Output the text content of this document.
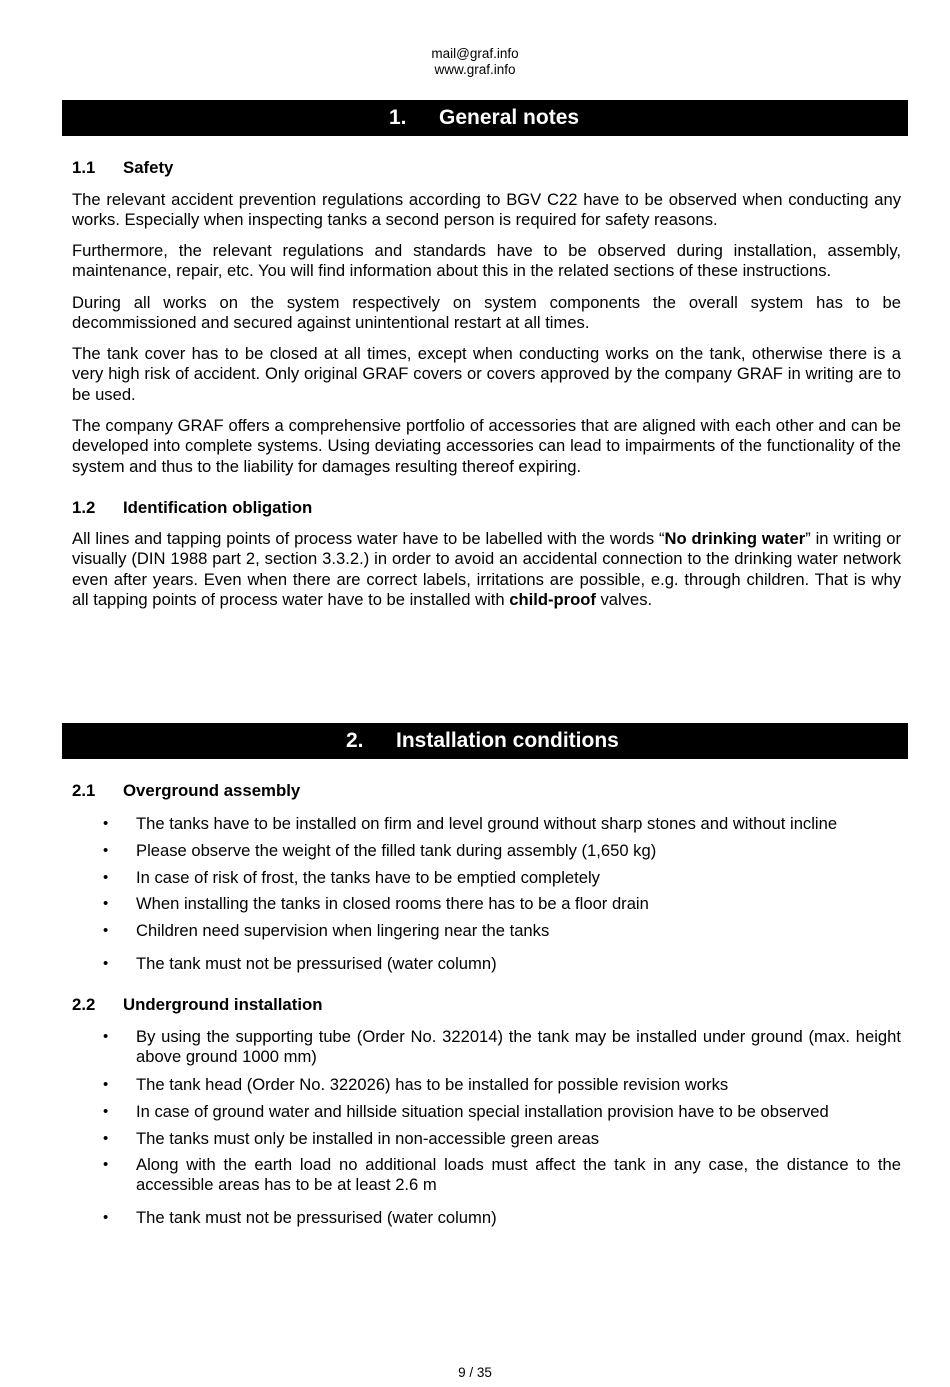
mail@graf.info
www.graf.info
1. General notes
1.1 Safety
The relevant accident prevention regulations according to BGV C22 have to be observed when conducting any works. Especially when inspecting tanks a second person is required for safety reasons.
Furthermore, the relevant regulations and standards have to be observed during installation, assembly, maintenance, repair, etc. You will find information about this in the related sections of these instructions.
During all works on the system respectively on system components the overall system has to be decommissioned and secured against unintentional restart at all times.
The tank cover has to be closed at all times, except when conducting works on the tank, otherwise there is a very high risk of accident. Only original GRAF covers or covers approved by the company GRAF in writing are to be used.
The company GRAF offers a comprehensive portfolio of accessories that are aligned with each other and can be developed into complete systems. Using deviating accessories can lead to impairments of the functionality of the system and thus to the liability for damages resulting thereof expiring.
1.2 Identification obligation
All lines and tapping points of process water have to be labelled with the words “No drinking water” in writing or visually (DIN 1988 part 2, section 3.3.2.) in order to avoid an accidental connection to the drinking water network even after years. Even when there are correct labels, irritations are possible, e.g. through children. That is why all tapping points of process water have to be installed with child-proof valves.
2. Installation conditions
2.1 Overground assembly
• The tanks have to be installed on firm and level ground without sharp stones and without incline
• Please observe the weight of the filled tank during assembly (1,650 kg)
• In case of risk of frost, the tanks have to be emptied completely
• When installing the tanks in closed rooms there has to be a floor drain
• Children need supervision when lingering near the tanks
• The tank must not be pressurised (water column)
2.2 Underground installation
• By using the supporting tube (Order No. 322014) the tank may be installed under ground (max. height above ground 1000 mm)
• The tank head (Order No. 322026) has to be installed for possible revision works
• In case of ground water and hillside situation special installation provision have to be observed
• The tanks must only be installed in non-accessible green areas
• Along with the earth load no additional loads must affect the tank in any case, the distance to the accessible areas has to be at least 2.6 m
• The tank must not be pressurised (water column)
9 / 35
